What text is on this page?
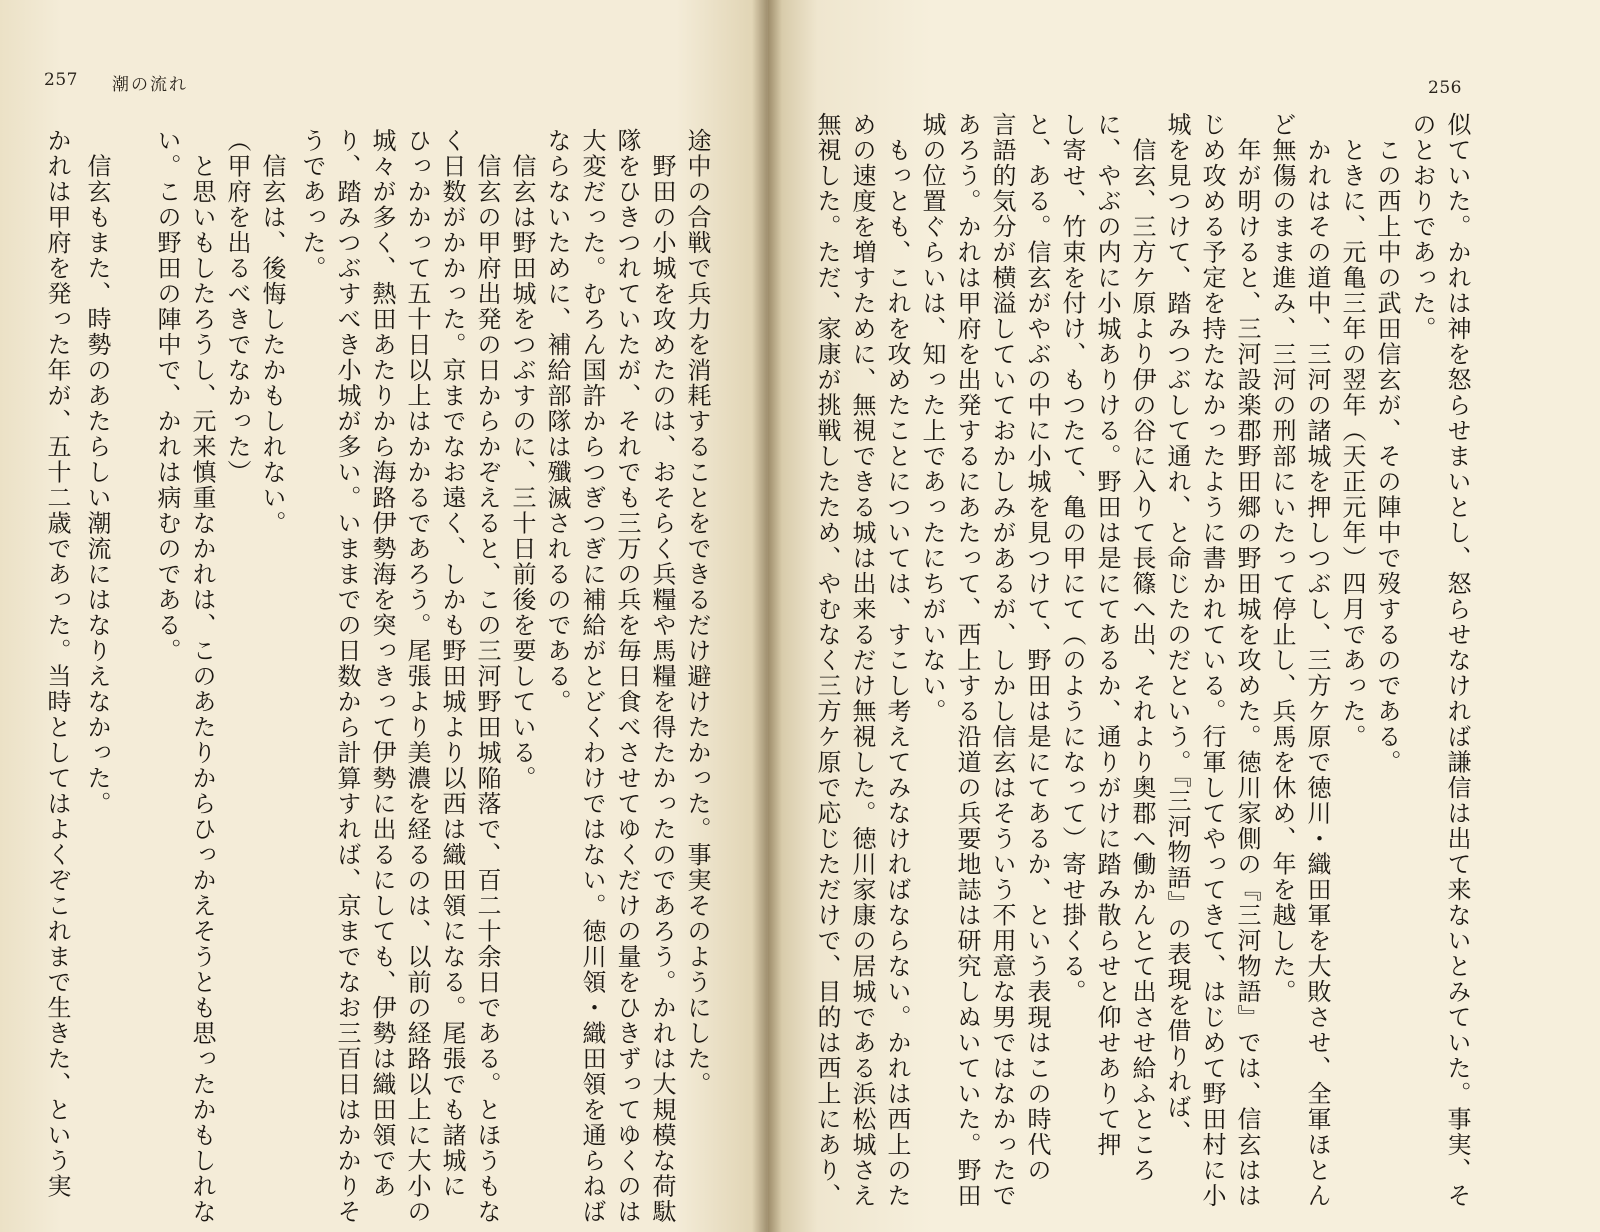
257 潮の流れ
途中の合戦で兵力を消耗することをできるだけ避けたかった。事実そのようにした。
　野田の小城を攻めたのは、おそらく兵糧や馬糧を得たかったのであろう。かれは大規模な荷駄
隊をひきつれていたが、それでも三万の兵を毎日食べさせてゆくだけの量をひきずってゆくのは
大変だった。むろん国許からつぎつぎに補給がとどくわけではない。徳川領・織田領を通らねば
ならないために、補給部隊は殲滅されるのである。
　信玄は野田城をつぶすのに、三十日前後を要している。
　信玄の甲府出発の日からかぞえると、この三河野田城陥落で、百二十余日である。とほうもな
く日数がかかった。京までなお遠く、しかも野田城より以西は織田領になる。尾張でも諸城に
ひっかかって五十日以上はかかるであろう。尾張より美濃を経るのは、以前の経路以上に大小の
城々が多く、熱田あたりから海路伊勢海を突っきって伊勢に出るにしても、伊勢は織田領であ
り、踏みつぶすべき小城が多い。いままでの日数から計算すれば、京までなお三百日はかかりそ
うであった。
　信玄は、後悔したかもしれない。
（甲府を出るべきでなかった）
　と思いもしたろうし、元来慎重なかれは、このあたりからひっかえそうとも思ったかもしれな
い。この野田の陣中で、かれは病むのである。
　信玄もまた、時勢のあたらしい潮流にはなりえなかった。
かれは甲府を発った年が、五十二歳であった。当時としてはよくぞこれまで生きた、という実
256
似ていた。かれは神を怒らせまいとし、怒らせなければ謙信は出て来ないとみていた。事実、そ
のとおりであった。
　この西上中の武田信玄が、その陣中で歿するのである。
　ときに、元亀三年の翌年（天正元年）四月であった。
　かれはその道中、三河の諸城を押しつぶし、三方ケ原で徳川・織田軍を大敗させ、全軍ほとん
ど無傷のまま進み、三河の刑部にいたって停止し、兵馬を休め、年を越した。
　年が明けると、三河設楽郡野田郷の野田城を攻めた。徳川家側の『三河物語』では、信玄はは
じめ攻める予定を持たなかったように書かれている。行軍してやってきて、はじめて野田村に小
城を見つけて、踏みつぶして通れ、と命じたのだという。『三河物語』の表現を借りれば、
　信玄、三方ケ原より伊の谷に入りて長篠へ出、それより奥郡へ働かんとて出させ給ふところ
に、やぶの内に小城ありける。野田は是にてあるか、通りがけに踏み散らせと仰せありて押
し寄せ、竹束を付け、もつたて、亀の甲にて（のようになって）寄せ掛くる。
と、ある。信玄がやぶの中に小城を見つけて、野田は是にてあるか、という表現はこの時代の
言語的気分が横溢していておかしみがあるが、しかし信玄はそういう不用意な男ではなかったで
あろう。かれは甲府を出発するにあたって、西上する沿道の兵要地誌は研究しぬいていた。野田
城の位置ぐらいは、知った上であったにちがいない。
　もっとも、これを攻めたことについては、すこし考えてみなければならない。かれは西上のた
めの速度を増すために、無視できる城は出来るだけ無視した。徳川家康の居城である浜松城さえ
無視した。ただ、家康が挑戦したため、やむなく三方ケ原で応じただけで、目的は西上にあり、
